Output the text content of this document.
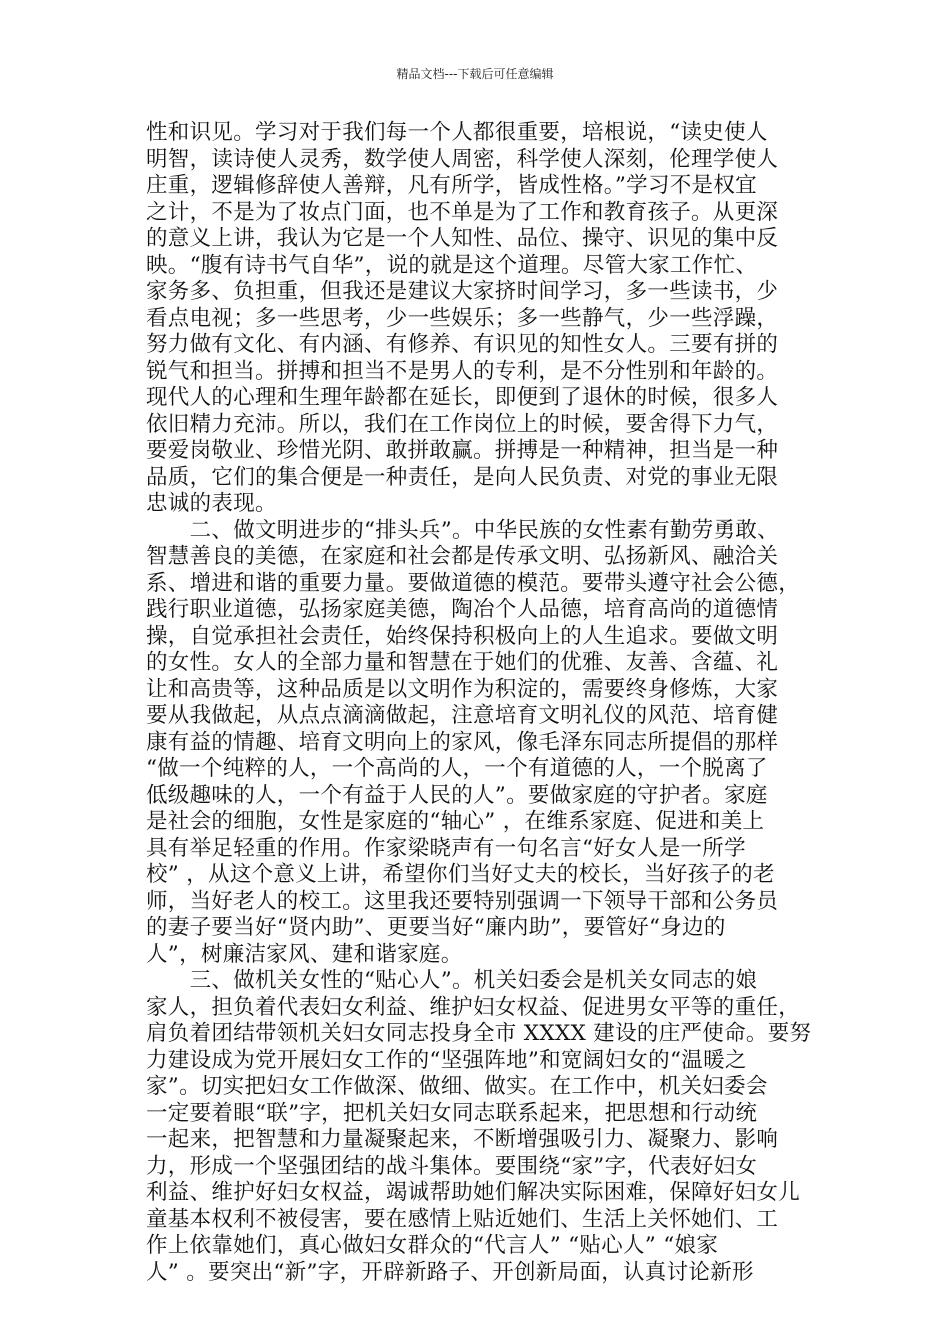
精品文档---下载后可任意编辑
性和识见。学习对于我们每一个人都很重要，培根说，“读史使人
明智，读诗使人灵秀，数学使人周密，科学使人深刻，伦理学使人
庄重，逻辑修辞使人善辩，凡有所学，皆成性格。”学习不是权宜
之计，不是为了妆点门面，也不单是为了工作和教育孩子。从更深
的意义上讲，我认为它是一个人知性、品位、操守、识见的集中反
映。“腹有诗书气自华”，说的就是这个道理。尽管大家工作忙、
家务多、负担重，但我还是建议大家挤时间学习，多一些读书，少
看点电视；多一些思考，少一些娱乐；多一些静气，少一些浮躁，
努力做有文化、有内涵、有修养、有识见的知性女人。三要有拼的
锐气和担当。拼搏和担当不是男人的专利，是不分性别和年龄的。
现代人的心理和生理年龄都在延长，即便到了退休的时候，很多人
依旧精力充沛。所以，我们在工作岗位上的时候，要舍得下力气，
要爱岗敬业、珍惜光阴、敢拼敢赢。拼搏是一种精神，担当是一种
品质，它们的集合便是一种责任，是向人民负责、对党的事业无限
忠诚的表现。
　　二、做文明进步的“排头兵”。中华民族的女性素有勤劳勇敢、
智慧善良的美德，在家庭和社会都是传承文明、弘扬新风、融洽关
系、增进和谐的重要力量。要做道德的模范。要带头遵守社会公德，
践行职业道德，弘扬家庭美德，陶冶个人品德，培育高尚的道德情
操，自觉承担社会责任，始终保持积极向上的人生追求。要做文明
的女性。女人的全部力量和智慧在于她们的优雅、友善、含蕴、礼
让和高贵等，这种品质是以文明作为积淀的，需要终身修炼，大家
要从我做起，从点点滴滴做起，注意培育文明礼仪的风范、培育健
康有益的情趣、培育文明向上的家风，像毛泽东同志所提倡的那样
“做一个纯粹的人，一个高尚的人，一个有道德的人，一个脱离了
低级趣味的人，一个有益于人民的人”。要做家庭的守护者。家庭
是社会的细胞，女性是家庭的“轴心” ，在维系家庭、促进和美上
具有举足轻重的作用。作家梁晓声有一句名言“好女人是一所学
校” ，从这个意义上讲，希望你们当好丈夫的校长，当好孩子的老
师，当好老人的校工。这里我还要特别强调一下领导干部和公务员
的妻子要当好“贤内助”、更要当好“廉内助”，要管好“身边的
人”，树廉洁家风、建和谐家庭。
　　三、做机关女性的“贴心人”。机关妇委会是机关女同志的娘
家人，担负着代表妇女利益、维护妇女权益、促进男女平等的重任，
肩负着团结带领机关妇女同志投身全市 XXXX 建设的庄严使命。要努
力建设成为党开展妇女工作的“坚强阵地”和宽阔妇女的“温暖之
家”。切实把妇女工作做深、做细、做实。在工作中，机关妇委会
一定要着眼“联”字，把机关妇女同志联系起来，把思想和行动统
一起来，把智慧和力量凝聚起来，不断增强吸引力、凝聚力、影响
力，形成一个坚强团结的战斗集体。要围绕“家”字，代表好妇女
利益、维护好妇女权益，竭诚帮助她们解决实际困难，保障好妇女儿
童基本权利不被侵害，要在感情上贴近她们、生活上关怀她们、工
作上依靠她们，真心做妇女群众的“代言人” “贴心人” “娘家
人” 。要突出“新”字，开辟新路子、开创新局面，认真讨论新形
